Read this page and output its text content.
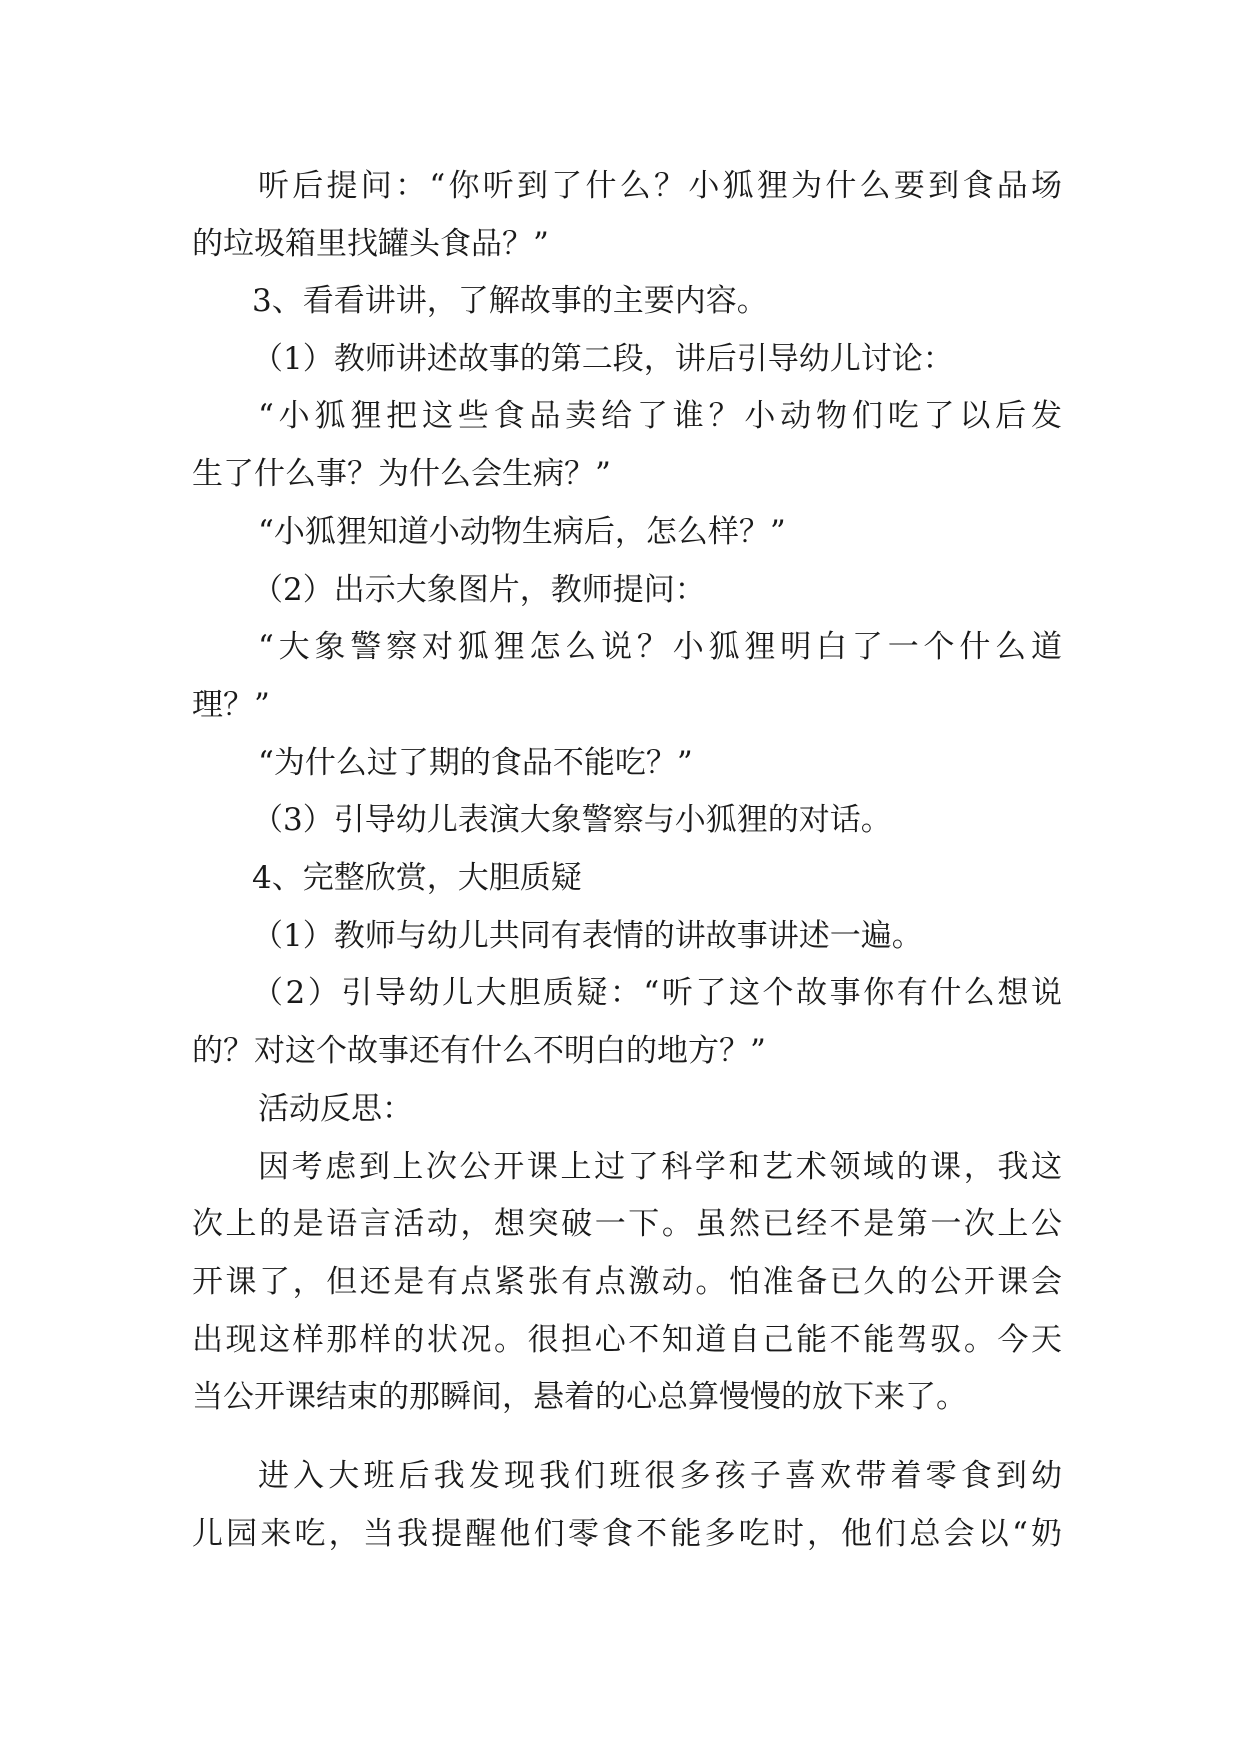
听后提问：“你听到了什么？小狐狸为什么要到食品场
的垃圾箱里找罐头食品？”
3、看看讲讲，了解故事的主要内容。
（1）教师讲述故事的第二段，讲后引导幼儿讨论：
“小狐狸把这些食品卖给了谁？小动物们吃了以后发
生了什么事？为什么会生病？”
“小狐狸知道小动物生病后，怎么样？”
（2）出示大象图片，教师提问：
“大象警察对狐狸怎么说？小狐狸明白了一个什么道
理？”
“为什么过了期的食品不能吃？”
（3）引导幼儿表演大象警察与小狐狸的对话。
4、完整欣赏，大胆质疑
（1）教师与幼儿共同有表情的讲故事讲述一遍。
（2）引导幼儿大胆质疑：“听了这个故事你有什么想说
的？对这个故事还有什么不明白的地方？”
活动反思：
因考虑到上次公开课上过了科学和艺术领域的课，我这
次上的是语言活动，想突破一下。虽然已经不是第一次上公
开课了，但还是有点紧张有点激动。怕准备已久的公开课会
出现这样那样的状况。很担心不知道自己能不能驾驭。今天
当公开课结束的那瞬间，悬着的心总算慢慢的放下来了。
进入大班后我发现我们班很多孩子喜欢带着零食到幼
儿园来吃，当我提醒他们零食不能多吃时，他们总会以“奶
